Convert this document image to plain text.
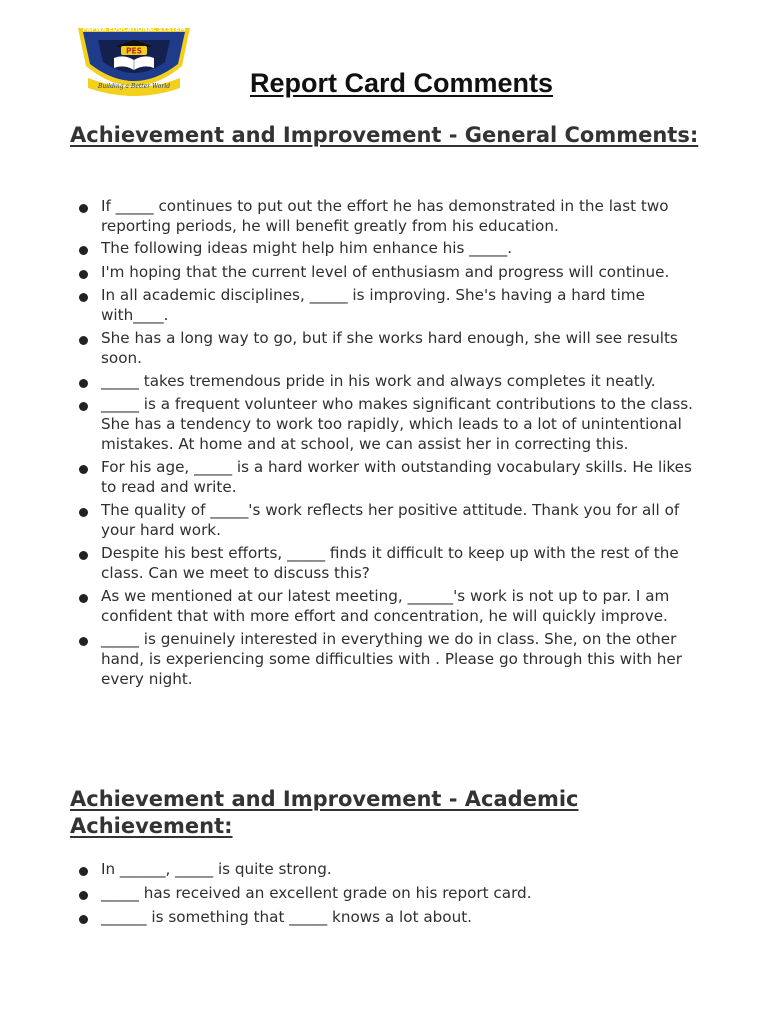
PAPWA EDUCATIONAL SYSTEM
PES
Building a Better World	Report Card Comments
Achievement and Improvement - General Comments:
If _____ continues to put out the effort he has demonstrated in the last two reporting periods, he will benefit greatly from his education.
The following ideas might help him enhance his _____.
I'm hoping that the current level of enthusiasm and progress will continue.
In all academic disciplines, _____ is improving. She's having a hard time with____.
She has a long way to go, but if she works hard enough, she will see results soon.
_____ takes tremendous pride in his work and always completes it neatly.
_____ is a frequent volunteer who makes significant contributions to the class. She has a tendency to work too rapidly, which leads to a lot of unintentional mistakes. At home and at school, we can assist her in correcting this.
For his age, _____ is a hard worker with outstanding vocabulary skills. He likes to read and write.
The quality of _____'s work reflects her positive attitude. Thank you for all of your hard work.
Despite his best efforts, _____ finds it difficult to keep up with the rest of the class. Can we meet to discuss this?
As we mentioned at our latest meeting, ______'s work is not up to par. I am confident that with more effort and concentration, he will quickly improve.
_____ is genuinely interested in everything we do in class. She, on the other hand, is experiencing some difficulties with . Please go through this with her every night.
Achievement and Improvement - Academic Achievement:
In ______, _____ is quite strong.
_____ has received an excellent grade on his report card.
______ is something that _____ knows a lot about.
